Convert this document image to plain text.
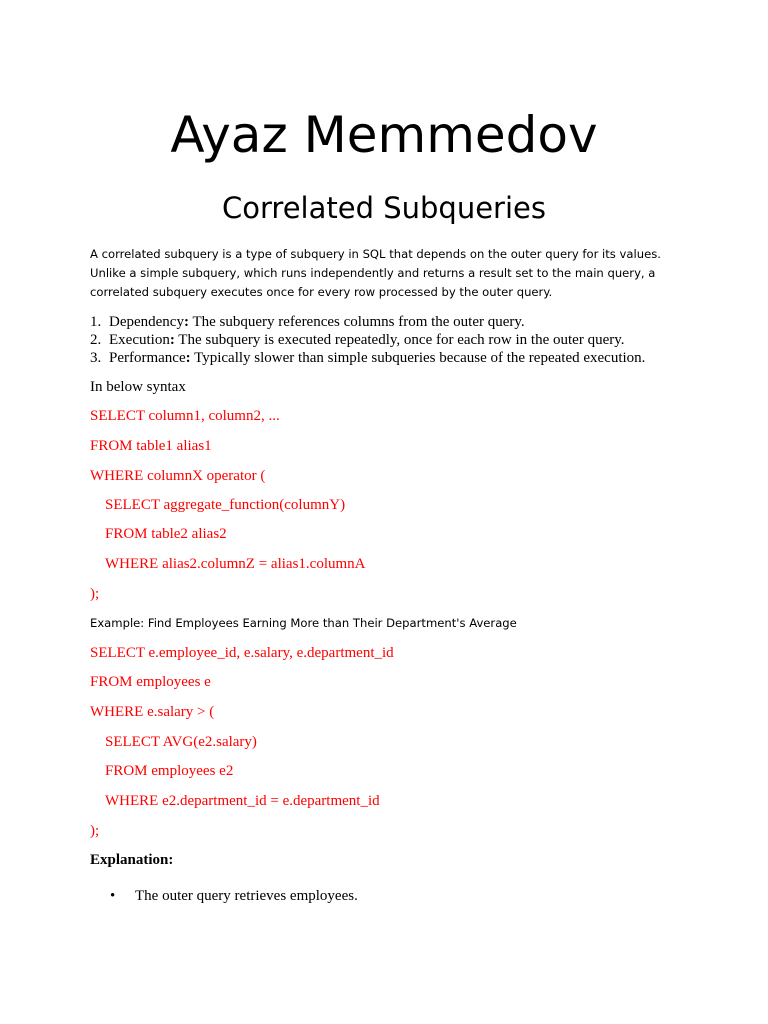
Ayaz Memmedov
Correlated Subqueries

A correlated subquery is a type of subquery in SQL that depends on the outer query for its values. Unlike a simple subquery, which runs independently and returns a result set to the main query, a correlated subquery executes once for every row processed by the outer query.

1. Dependency: The subquery references columns from the outer query.
2. Execution: The subquery is executed repeatedly, once for each row in the outer query.
3. Performance: Typically slower than simple subqueries because of the repeated execution.

In below syntax

SELECT column1, column2, ...

FROM table1 alias1

WHERE columnX operator (

SELECT aggregate_function(columnY)

FROM table2 alias2

WHERE alias2.columnZ = alias1.columnA

);

Example: Find Employees Earning More than Their Department's Average

SELECT e.employee_id, e.salary, e.department_id

FROM employees e

WHERE e.salary > (

SELECT AVG(e2.salary)

FROM employees e2

WHERE e2.department_id = e.department_id

);

Explanation:

•	The outer query retrieves employees.
